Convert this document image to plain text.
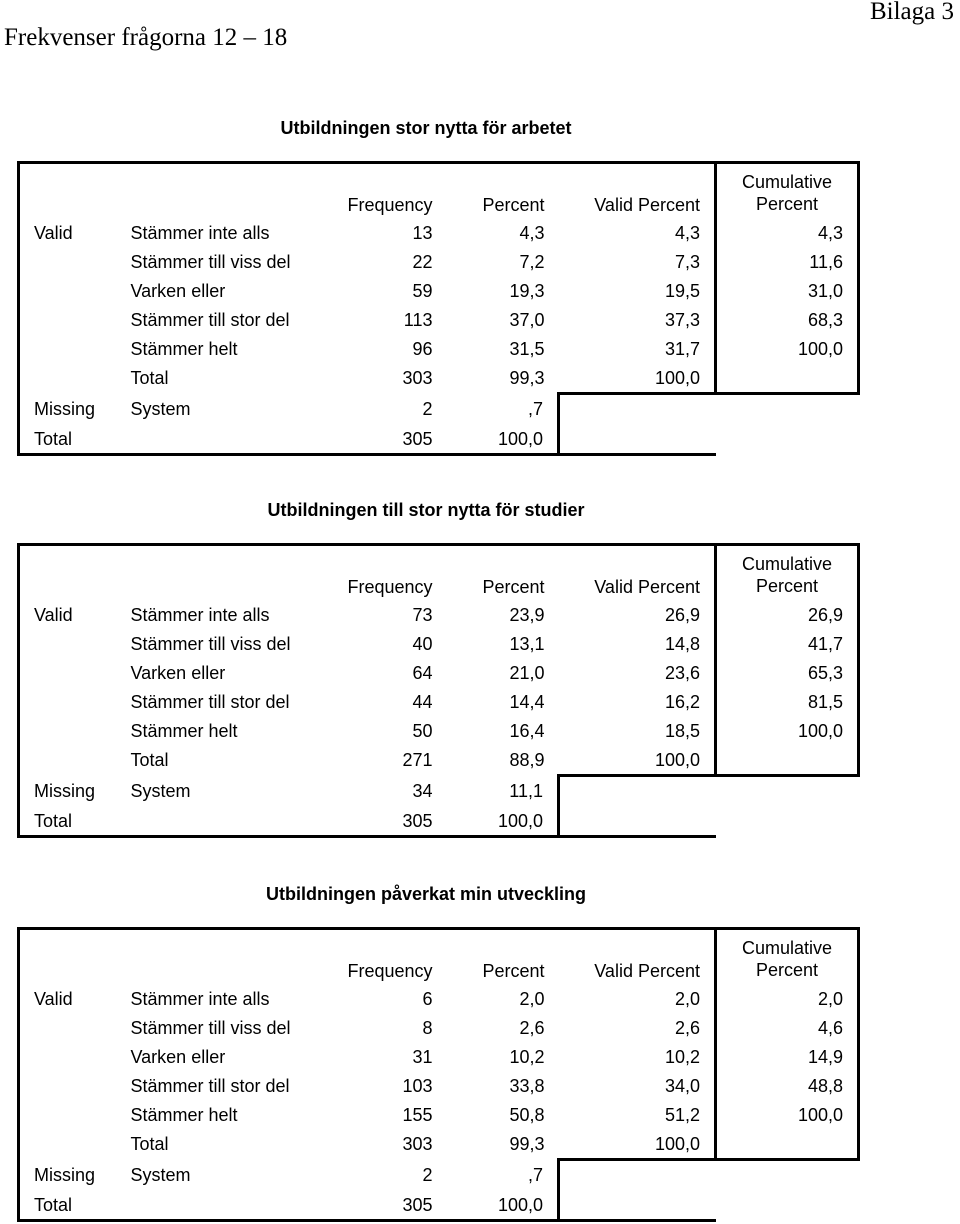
Frekvenser frågorna 12 – 18
Bilaga 3
Utbildningen stor nytta för arbetet
		Frequency	Percent	Valid Percent	Cumulative
Percent

Valid	Stämmer inte alls	13	4,3	4,3	4,3
	Stämmer till viss del	22	7,2	7,3	11,6
	Varken eller	59	19,3	19,5	31,0
	Stämmer till stor del	113	37,0	37,3	68,3
	Stämmer helt	96	31,5	31,7	100,0
	Total	303	99,3	100,0	
Missing	System	2	,7		
Total		305	100,0		
Utbildningen till stor nytta för studier
		Frequency	Percent	Valid Percent	Cumulative
Percent

Valid	Stämmer inte alls	73	23,9	26,9	26,9
	Stämmer till viss del	40	13,1	14,8	41,7
	Varken eller	64	21,0	23,6	65,3
	Stämmer till stor del	44	14,4	16,2	81,5
	Stämmer helt	50	16,4	18,5	100,0
	Total	271	88,9	100,0	
Missing	System	34	11,1		
Total		305	100,0		
Utbildningen påverkat min utveckling
		Frequency	Percent	Valid Percent	Cumulative
Percent

Valid	Stämmer inte alls	6	2,0	2,0	2,0
	Stämmer till viss del	8	2,6	2,6	4,6
	Varken eller	31	10,2	10,2	14,9
	Stämmer till stor del	103	33,8	34,0	48,8
	Stämmer helt	155	50,8	51,2	100,0
	Total	303	99,3	100,0	
Missing	System	2	,7		
Total		305	100,0		
